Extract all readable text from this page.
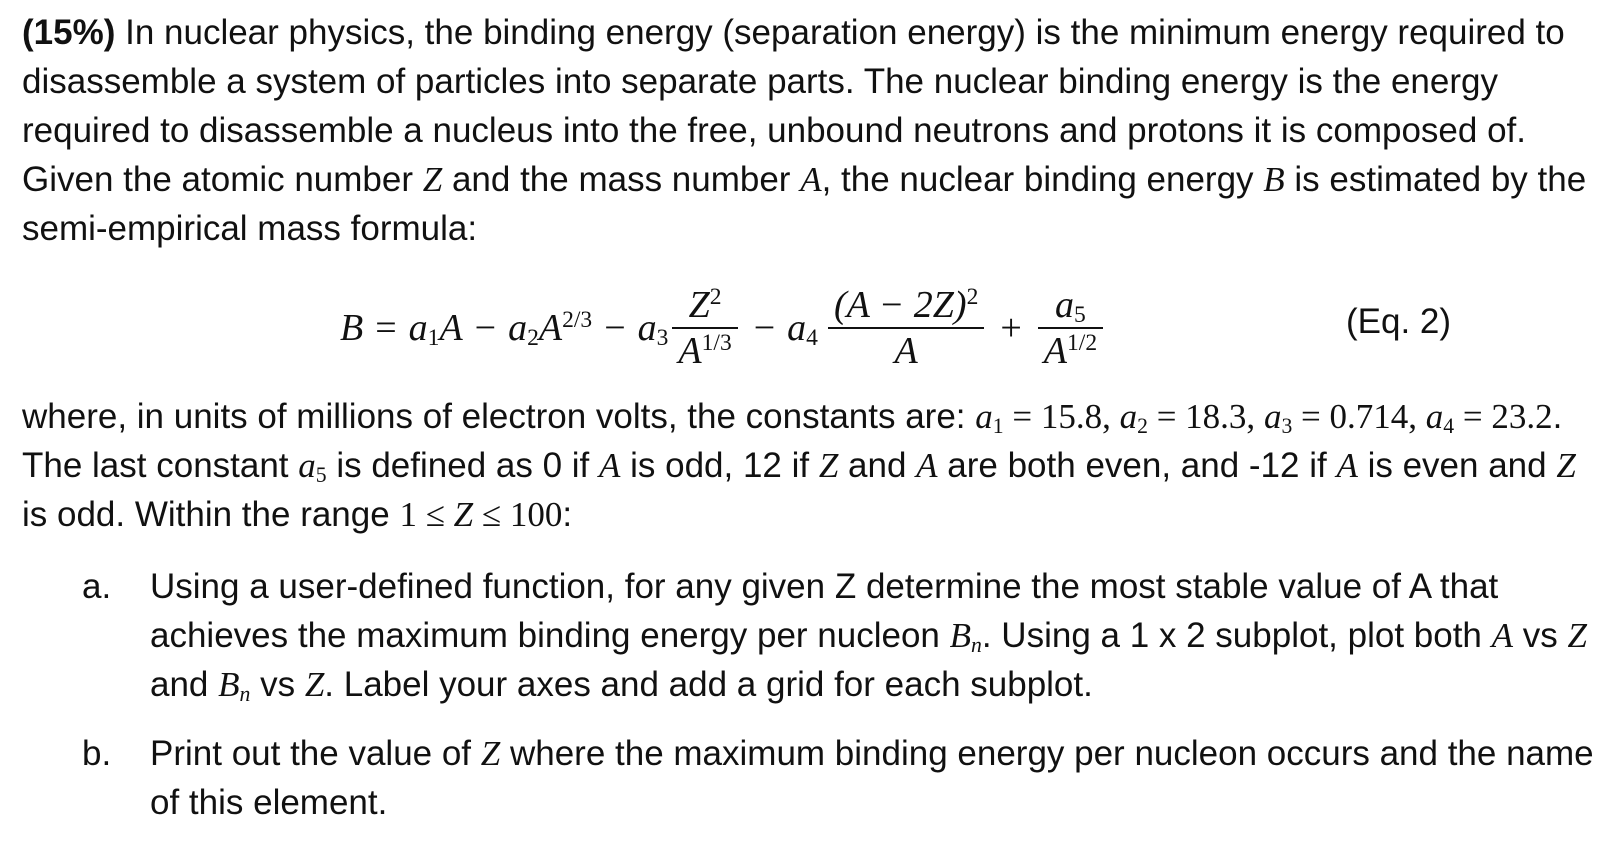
(15%) In nuclear physics, the binding energy (separation energy) is the minimum energy required to disassemble a system of particles into separate parts. The nuclear binding energy is the energy required to disassemble a nucleus into the free, unbound neutrons and protons it is composed of. Given the atomic number Z and the mass number A, the nuclear binding energy B is estimated by the semi-empirical mass formula:

$B = a_1A - a_2A^{2/3} - a_3 \frac{Z^2}{A^{1/3}} - a_4 \frac{(A - 2Z)^2}{A} + \frac{a_5}{A^{1/2}}$	(Eq. 2)

where, in units of millions of electron volts, the constants are: $a_1 = 15.8$, $a_2 = 18.3$, $a_3 = 0.714$, $a_4 = 23.2$. The last constant $a_5$ is defined as 0 if A is odd, 12 if Z and A are both even, and -12 if A is even and Z is odd. Within the range 1 ≤ Z ≤ 100:

a. Using a user-defined function, for any given Z determine the most stable value of A that achieves the maximum binding energy per nucleon $B_n$. Using a 1 x 2 subplot, plot both A vs Z and $B_n$ vs Z. Label your axes and add a grid for each subplot.
b. Print out the value of Z where the maximum binding energy per nucleon occurs and the name of this element.
